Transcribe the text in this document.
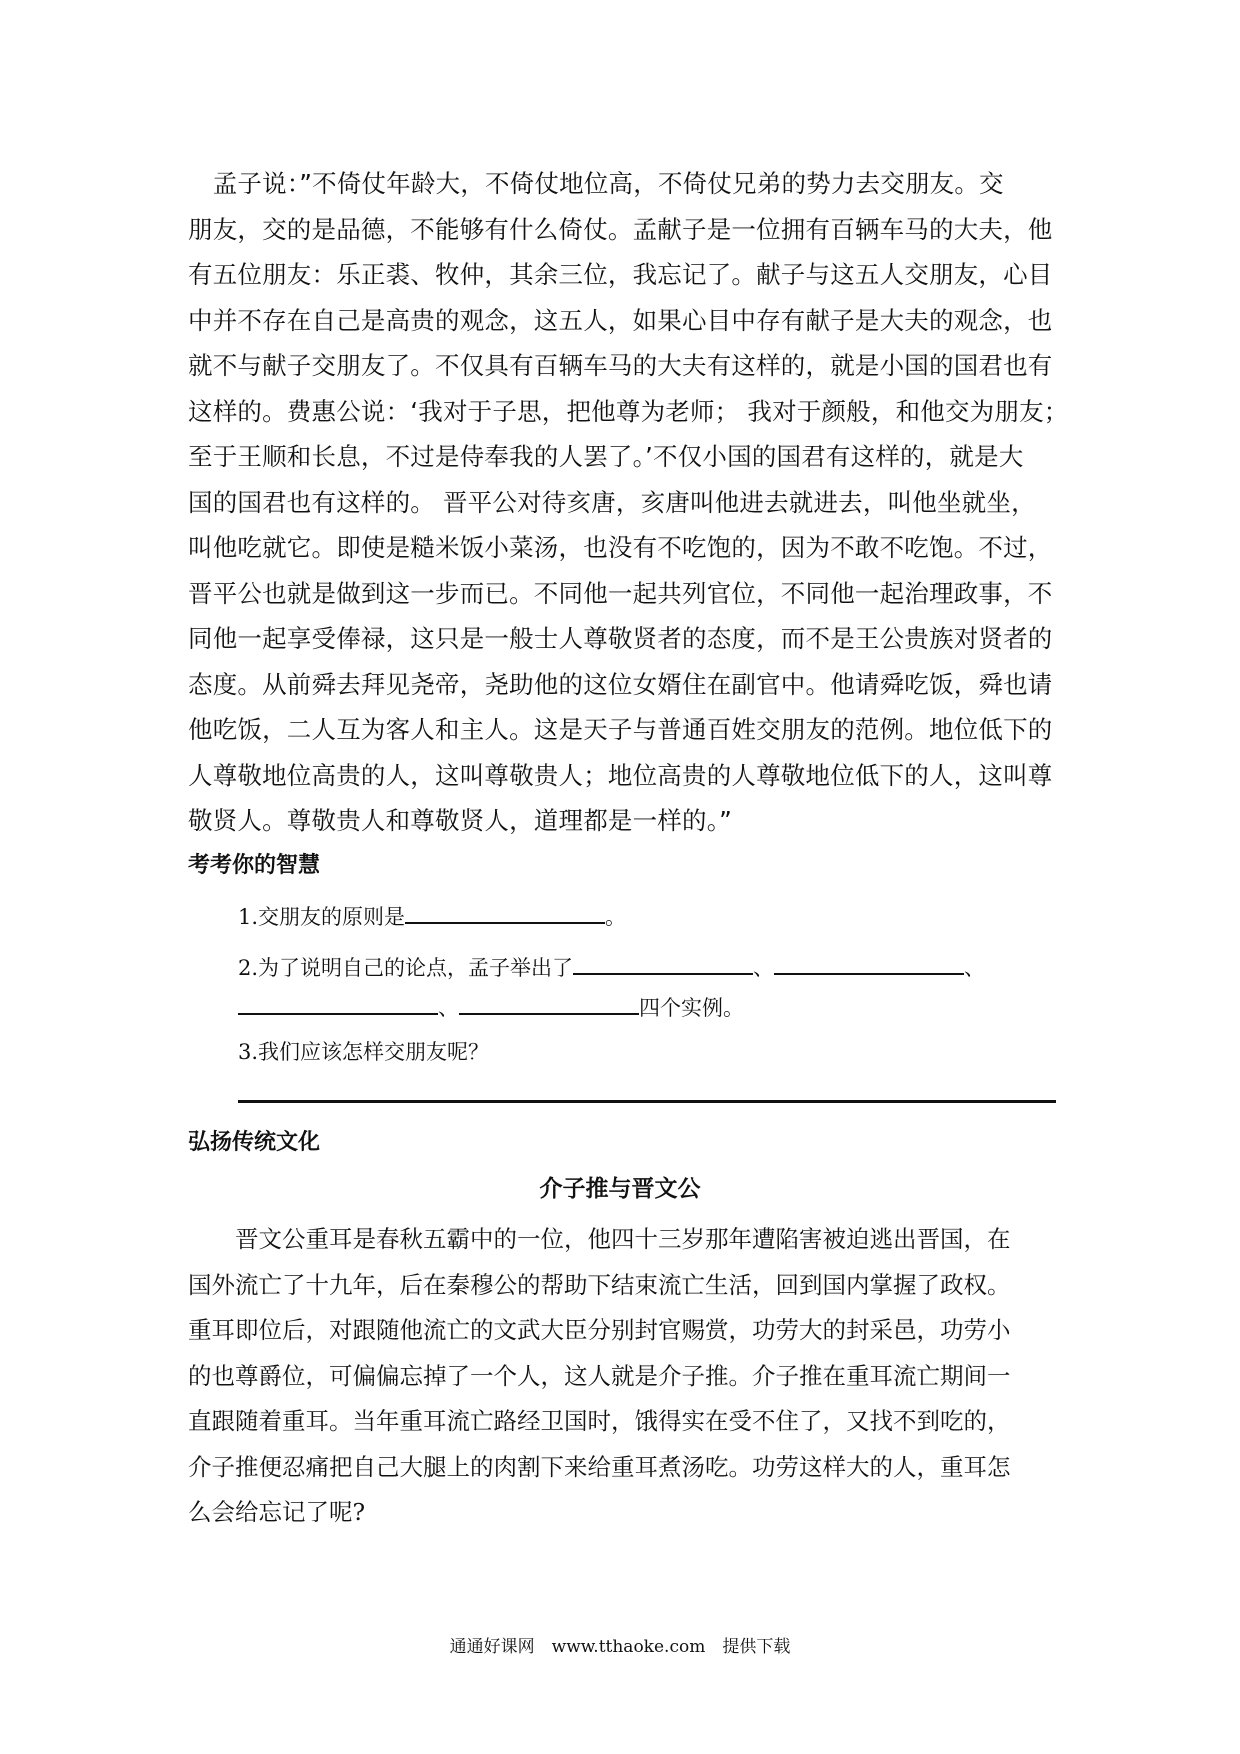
　孟子说：”不倚仗年龄大，不倚仗地位高，不倚仗兄弟的势力去交朋友。交
朋友，交的是品德，不能够有什么倚仗。孟献子是一位拥有百辆车马的大夫，他
有五位朋友：乐正裘、牧仲，其余三位，我忘记了。献子与这五人交朋友，心目
中并不存在自己是高贵的观念，这五人，如果心目中存有献子是大夫的观念，也
就不与献子交朋友了。不仅具有百辆车马的大夫有这样的，就是小国的国君也有
这样的。费惠公说：‘我对于子思，把他尊为老师； 我对于颜般，和他交为朋友；
至于王顺和长息，不过是侍奉我的人罢了。’不仅小国的国君有这样的，就是大
国的国君也有这样的。 晋平公对待亥唐，亥唐叫他进去就进去，叫他坐就坐，
叫他吃就它。即使是糙米饭小菜汤，也没有不吃饱的，因为不敢不吃饱。不过，
晋平公也就是做到这一步而已。不同他一起共列官位，不同他一起治理政事，不
同他一起享受俸禄，这只是一般士人尊敬贤者的态度，而不是王公贵族对贤者的
态度。从前舜去拜见尧帝，尧助他的这位女婿住在副官中。他请舜吃饭，舜也请
他吃饭，二人互为客人和主人。这是天子与普通百姓交朋友的范例。地位低下的
人尊敬地位高贵的人，这叫尊敬贵人；地位高贵的人尊敬地位低下的人，这叫尊
敬贤人。尊敬贵人和尊敬贤人，道理都是一样的。”
考考你的智慧
1.交朋友的原则是	。
2.为了说明自己的论点，孟子举出了	、	、
、	四个实例。
3.我们应该怎样交朋友呢？
弘扬传统文化
介子推与晋文公
　　晋文公重耳是春秋五霸中的一位，他四十三岁那年遭陷害被迫逃出晋国，在
国外流亡了十九年，后在秦穆公的帮助下结束流亡生活，回到国内掌握了政权。
重耳即位后，对跟随他流亡的文武大臣分别封官赐赏，功劳大的封采邑，功劳小
的也尊爵位，可偏偏忘掉了一个人，这人就是介子推。介子推在重耳流亡期间一
直跟随着重耳。当年重耳流亡路经卫国时，饿得实在受不住了，又找不到吃的，
介子推便忍痛把自己大腿上的肉割下来给重耳煮汤吃。功劳这样大的人，重耳怎
么会给忘记了呢?
通通好课网　www.tthaoke.com　提供下载
